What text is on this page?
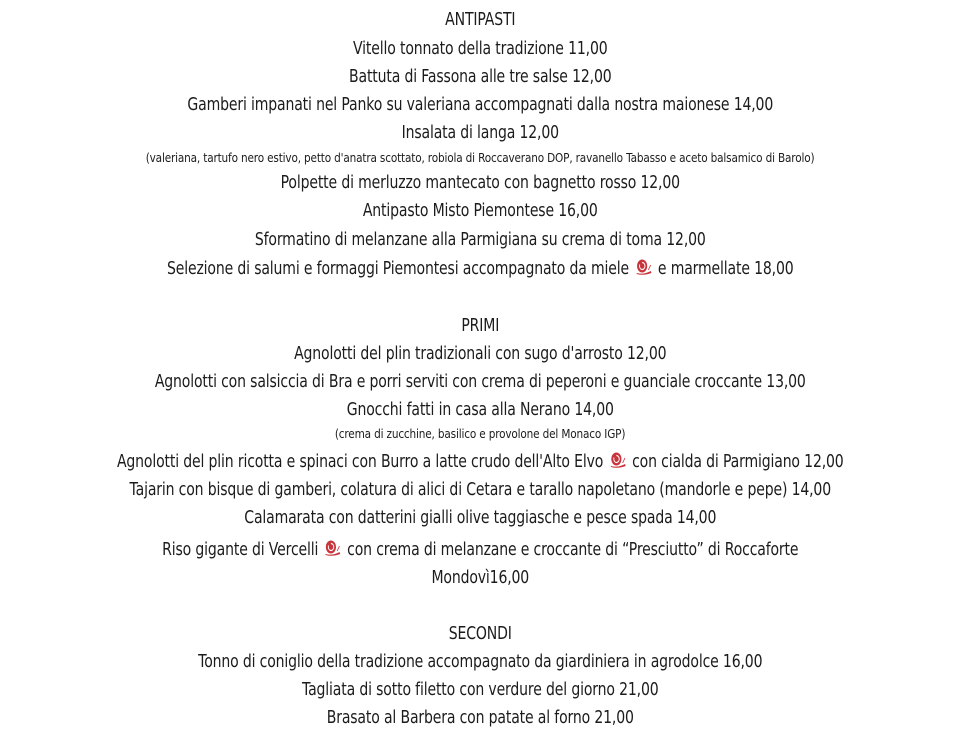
ANTIPASTI
Vitello tonnato della tradizione 11,00
Battuta di Fassona alle tre salse 12,00
Gamberi impanati nel Panko su valeriana accompagnati dalla nostra maionese 14,00
Insalata di langa 12,00
(valeriana, tartufo nero estivo, petto d'anatra scottato, robiola di Roccaverano DOP, ravanello Tabasso e aceto balsamico di Barolo)
Polpette di merluzzo mantecato con bagnetto rosso 12,00
Antipasto Misto Piemontese 16,00
Sformatino di melanzane alla Parmigiana su crema di toma 12,00
Selezione di salumi e formaggi Piemontesi accompagnato da miele e marmellate 18,00
PRIMI
Agnolotti del plin tradizionali con sugo d'arrosto 12,00
Agnolotti con salsiccia di Bra e porri serviti con crema di peperoni e guanciale croccante 13,00
Gnocchi fatti in casa alla Nerano 14,00
(crema di zucchine, basilico e provolone del Monaco IGP)
Agnolotti del plin ricotta e spinaci con Burro a latte crudo dell'Alto Elvo con cialda di Parmigiano 12,00
Tajarin con bisque di gamberi, colatura di alici di Cetara e tarallo napoletano (mandorle e pepe) 14,00
Calamarata con datterini gialli olive taggiasche e pesce spada 14,00
Riso gigante di Vercelli con crema di melanzane e croccante di “Presciutto” di Roccaforte
Mondovì16,00
SECONDI
Tonno di coniglio della tradizione accompagnato da giardiniera in agrodolce 16,00
Tagliata di sotto filetto con verdure del giorno 21,00
Brasato al Barbera con patate al forno 21,00
